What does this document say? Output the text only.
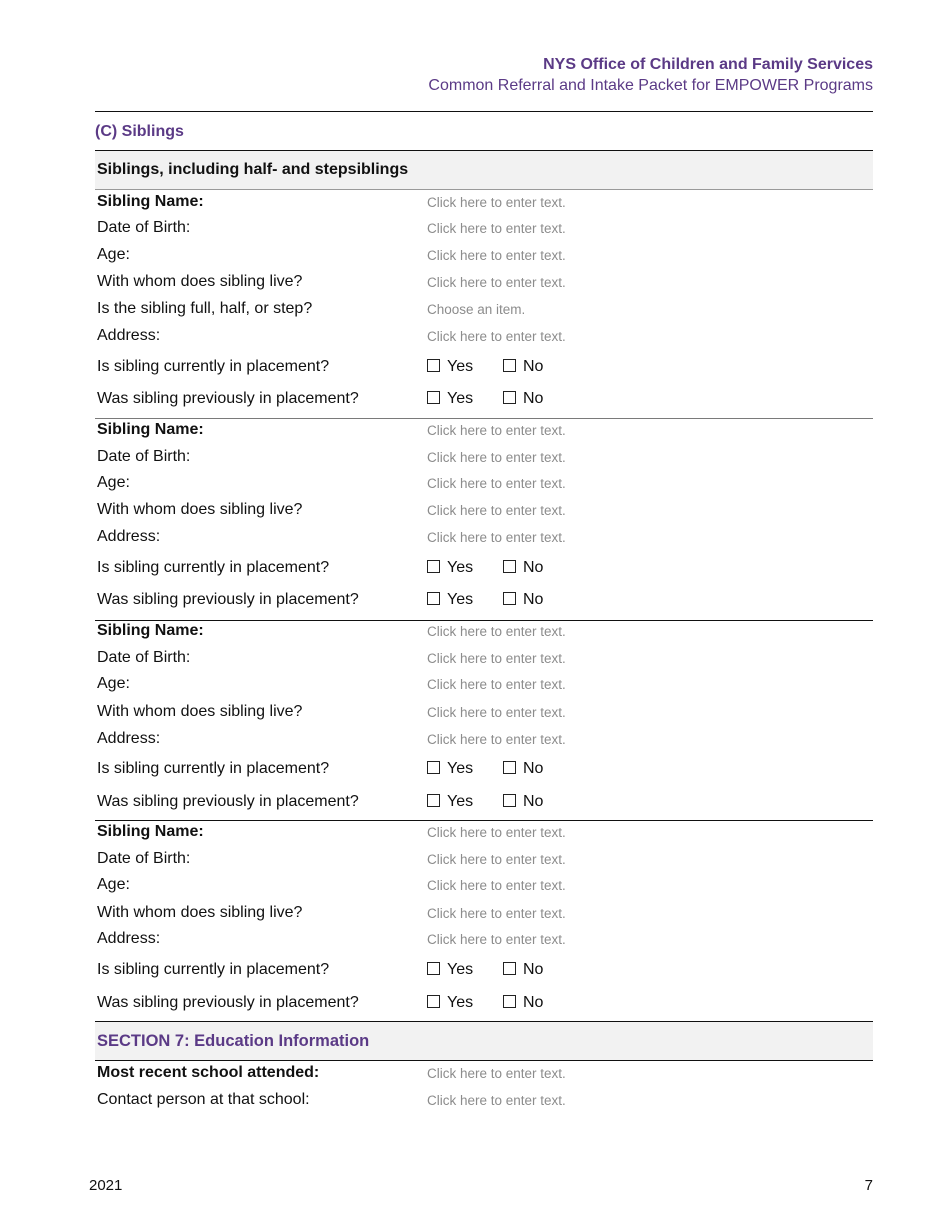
NYS Office of Children and Family Services
Common Referral and Intake Packet for EMPOWER Programs
(C) Siblings
Siblings, including half- and stepsiblings
Sibling Name:	Click here to enter text.
Date of Birth:	Click here to enter text.
Age:	Click here to enter text.
With whom does sibling live?	Click here to enter text.
Is the sibling full, half, or step?	Choose an item.
Address:	Click here to enter text.
Is sibling currently in placement?	Yes	No
Was sibling previously in placement?	Yes	No
Sibling Name:	Click here to enter text.
Date of Birth:	Click here to enter text.
Age:	Click here to enter text.
With whom does sibling live?	Click here to enter text.
Address:	Click here to enter text.
Is sibling currently in placement?	Yes	No
Was sibling previously in placement?	Yes	No
Sibling Name:	Click here to enter text.
Date of Birth:	Click here to enter text.
Age:	Click here to enter text.
With whom does sibling live?	Click here to enter text.
Address:	Click here to enter text.
Is sibling currently in placement?	Yes	No
Was sibling previously in placement?	Yes	No
Sibling Name:	Click here to enter text.
Date of Birth:	Click here to enter text.
Age:	Click here to enter text.
With whom does sibling live?	Click here to enter text.
Address:	Click here to enter text.
Is sibling currently in placement?	Yes	No
Was sibling previously in placement?	Yes	No
SECTION 7: Education Information
Most recent school attended:	Click here to enter text.
Contact person at that school:	Click here to enter text.
2021	7
